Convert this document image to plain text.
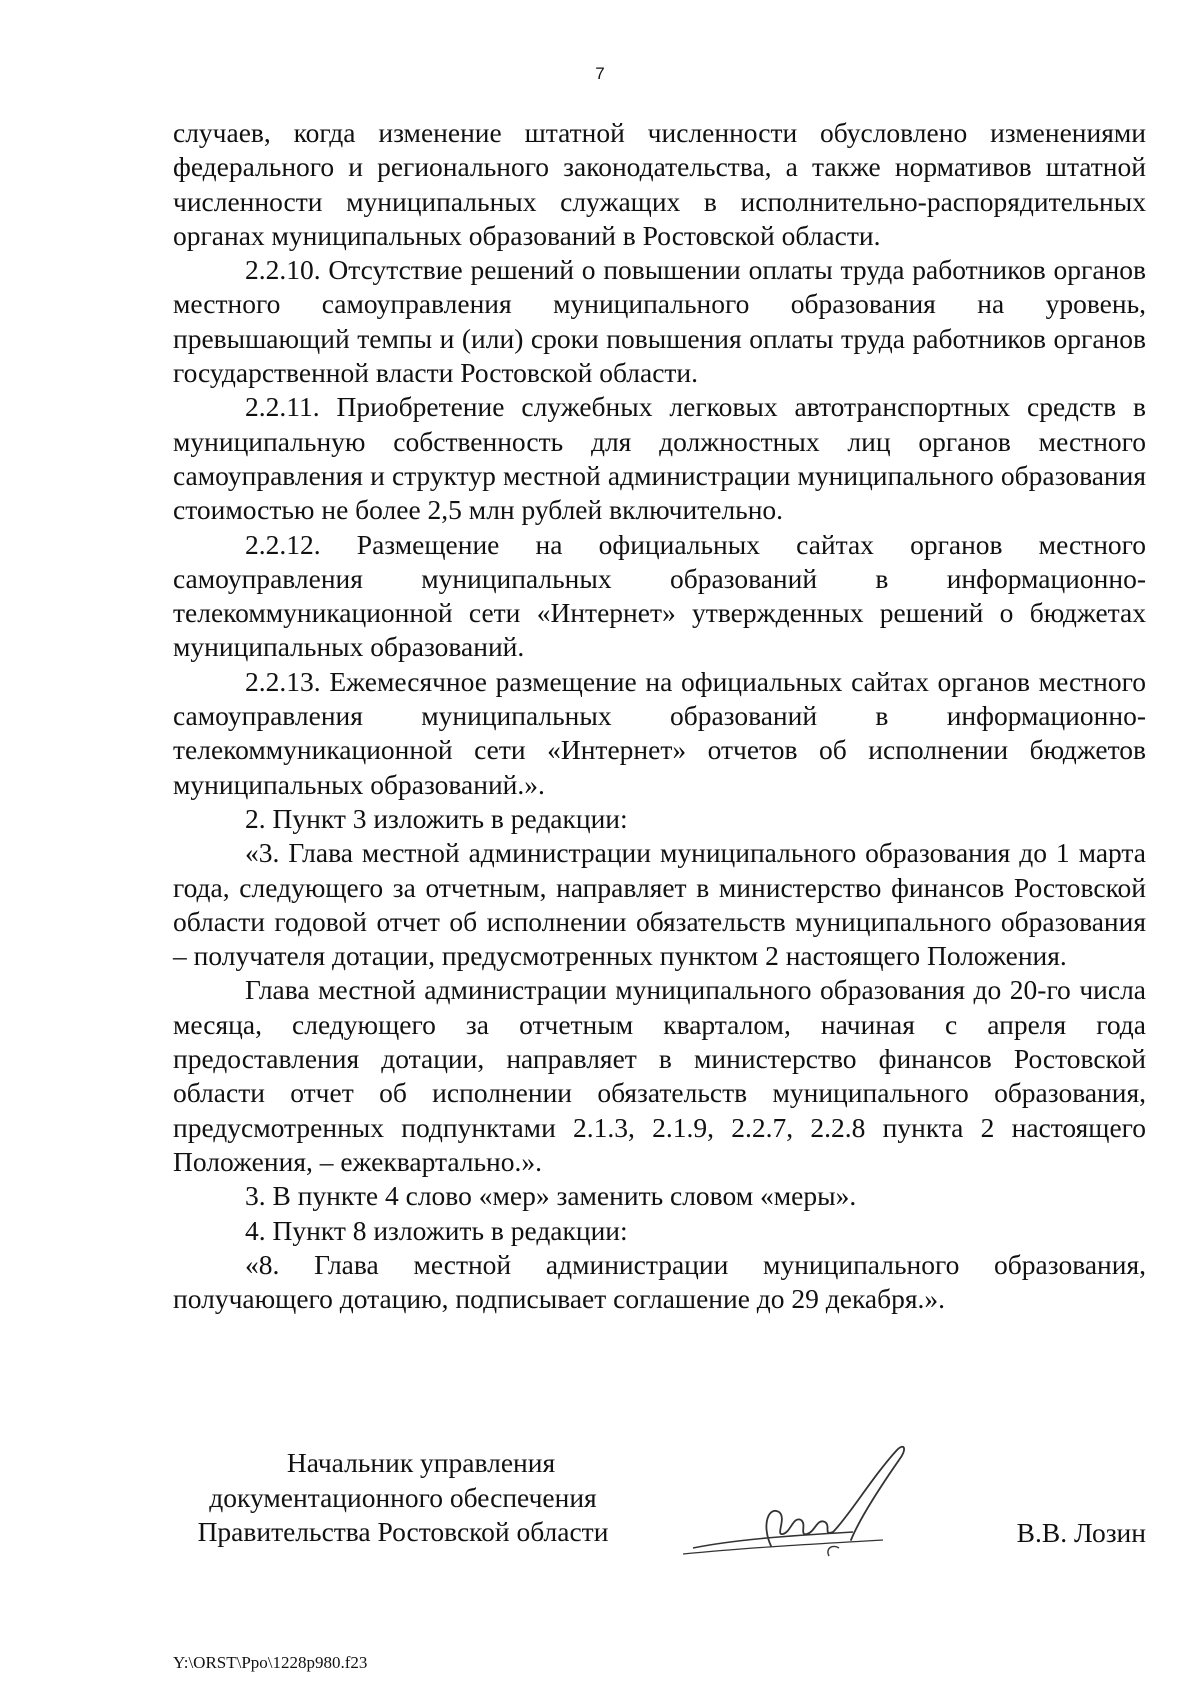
7

случаев, когда изменение штатной численности обусловлено изменениями федерального и регионального законодательства, а также нормативов штатной численности муниципальных служащих в исполнительно-распорядительных органах муниципальных образований в Ростовской области.

2.2.10. Отсутствие решений о повышении оплаты труда работников органов местного самоуправления муниципального образования на уровень, превышающий темпы и (или) сроки повышения оплаты труда работников органов государственной власти Ростовской области.

2.2.11. Приобретение служебных легковых автотранспортных средств в муниципальную собственность для должностных лиц органов местного самоуправления и структур местной администрации муниципального образования стоимостью не более 2,5 млн рублей включительно.

2.2.12. Размещение на официальных сайтах органов местного самоуправления муниципальных образований в информационно-телекоммуникационной сети «Интернет» утвержденных решений о бюджетах муниципальных образований.

2.2.13. Ежемесячное размещение на официальных сайтах органов местного самоуправления муниципальных образований в информационно-телекоммуникационной сети «Интернет» отчетов об исполнении бюджетов муниципальных образований.».

2. Пункт 3 изложить в редакции:

«3. Глава местной администрации муниципального образования до 1 марта года, следующего за отчетным, направляет в министерство финансов Ростовской области годовой отчет об исполнении обязательств муниципального образования – получателя дотации, предусмотренных пунктом 2 настоящего Положения.

Глава местной администрации муниципального образования до 20-го числа месяца, следующего за отчетным кварталом, начиная с апреля года предоставления дотации, направляет в министерство финансов Ростовской области отчет об исполнении обязательств муниципального образования, предусмотренных подпунктами 2.1.3, 2.1.9, 2.2.7, 2.2.8 пункта 2 настоящего Положения, – ежеквартально.».

3. В пункте 4 слово «мер» заменить словом «меры».

4. Пункт 8 изложить в редакции:

«8. Глава местной администрации муниципального образования, получающего дотацию, подписывает соглашение до 29 декабря.».

Начальник управления
документационного обеспечения
Правительства Ростовской области	В.В. Лозин
Y:\ORST\Ppo\1228p980.f23
